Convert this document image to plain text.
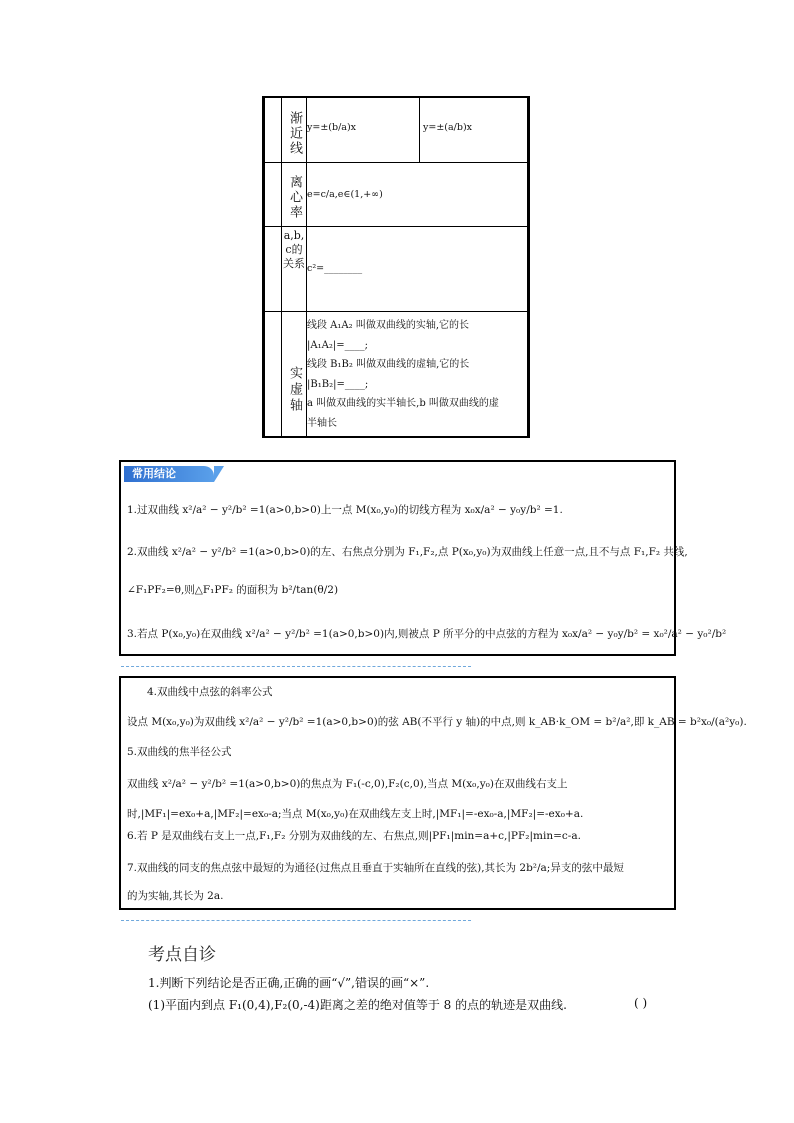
渐近线 y=±(b/a)x	y=±(a/b)x
离心率 e=c/a,e∈(1,+∞)
a,b,c的关系 c²=________
实虚轴
线段 A₁A₂ 叫做双曲线的实轴,它的长
|A₁A₂|=____;
线段 B₁B₂ 叫做双曲线的虚轴,它的长
|B₁B₂|=____;
a 叫做双曲线的实半轴长,b 叫做双曲线的虚
半轴长
1.过双曲线 x²/a² − y²/b² =1(a>0,b>0)上一点 M(x₀,y₀)的切线方程为 x₀x/a² − y₀y/b² =1.
2.双曲线 x²/a² − y²/b² =1(a>0,b>0)的左、右焦点分别为 F₁,F₂,点 P(x₀,y₀)为双曲线上任意一点,且不与点 F₁,F₂ 共线,
∠F₁PF₂=θ,则△F₁PF₂ 的面积为 b²/tan(θ/2)
3.若点 P(x₀,y₀)在双曲线 x²/a² − y²/b² =1(a>0,b>0)内,则被点 P 所平分的中点弦的方程为 x₀x/a² − y₀y/b² = x₀²/a² − y₀²/b²
常用结论
4.双曲线中点弦的斜率公式
设点 M(x₀,y₀)为双曲线 x²/a² − y²/b² =1(a>0,b>0)的弦 AB(不平行 y 轴)的中点,则 k_AB·k_OM = b²/a²,即 k_AB = b²x₀/(a²y₀).
5.双曲线的焦半径公式
双曲线 x²/a² − y²/b² =1(a>0,b>0)的焦点为 F₁(-c,0),F₂(c,0),当点 M(x₀,y₀)在双曲线右支上
时,|MF₁|=ex₀+a,|MF₂|=ex₀-a;当点 M(x₀,y₀)在双曲线左支上时,|MF₁|=-ex₀-a,|MF₂|=-ex₀+a.
6.若 P 是双曲线右支上一点,F₁,F₂ 分别为双曲线的左、右焦点,则|PF₁|min=a+c,|PF₂|min=c-a.
7.双曲线的同支的焦点弦中最短的为通径(过焦点且垂直于实轴所在直线的弦),其长为 2b²/a;异支的弦中最短
的为实轴,其长为 2a.
考点自诊
1.判断下列结论是否正确,正确的画“√”,错误的画“×”.
(1)平面内到点 F₁(0,4),F₂(0,-4)距离之差的绝对值等于 8 的点的轨迹是双曲线.	( )
